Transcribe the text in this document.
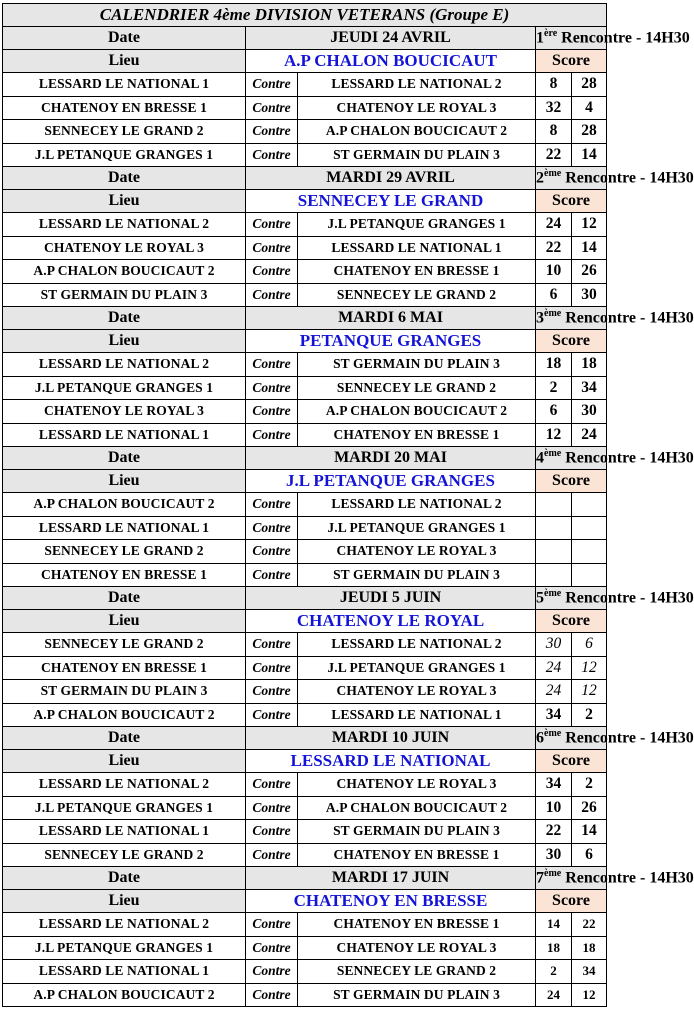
CALENDRIER 4ème DIVISION VETERANS (Groupe E)				
Date	JEUDI 24 AVRIL		1ère Rencontre - 14H30	
Lieu	A.P CHALON BOUCICAUT		Score	
LESSARD LE NATIONAL 1	Contre	LESSARD LE NATIONAL 2	8	28
CHATENOY EN BRESSE 1	Contre	CHATENOY LE ROYAL 3	32	4
SENNECEY LE GRAND 2	Contre	A.P CHALON BOUCICAUT 2	8	28
J.L PETANQUE GRANGES 1	Contre	ST GERMAIN DU PLAIN 3	22	14
Date	MARDI 29 AVRIL		2ème Rencontre - 14H30	
Lieu	SENNECEY LE GRAND		Score	
LESSARD LE NATIONAL 2	Contre	J.L PETANQUE GRANGES 1	24	12
CHATENOY LE ROYAL 3	Contre	LESSARD LE NATIONAL 1	22	14
A.P CHALON BOUCICAUT 2	Contre	CHATENOY EN BRESSE 1	10	26
ST GERMAIN DU PLAIN 3	Contre	SENNECEY LE GRAND 2	6	30
Date	MARDI 6 MAI		3ème Rencontre - 14H30	
Lieu	PETANQUE GRANGES		Score	
LESSARD LE NATIONAL 2	Contre	ST GERMAIN DU PLAIN 3	18	18
J.L PETANQUE GRANGES 1	Contre	SENNECEY LE GRAND 2	2	34
CHATENOY LE ROYAL 3	Contre	A.P CHALON BOUCICAUT 2	6	30
LESSARD LE NATIONAL 1	Contre	CHATENOY EN BRESSE 1	12	24
Date	MARDI 20 MAI		4ème Rencontre - 14H30	
Lieu	J.L PETANQUE GRANGES		Score	
A.P CHALON BOUCICAUT 2	Contre	LESSARD LE NATIONAL 2		
LESSARD LE NATIONAL 1	Contre	J.L PETANQUE GRANGES 1		
SENNECEY LE GRAND 2	Contre	CHATENOY LE ROYAL 3		
CHATENOY EN BRESSE 1	Contre	ST GERMAIN DU PLAIN 3		
Date	JEUDI 5 JUIN		5ème Rencontre - 14H30	
Lieu	CHATENOY LE ROYAL		Score	
SENNECEY LE GRAND 2	Contre	LESSARD LE NATIONAL 2	30	6
CHATENOY EN BRESSE 1	Contre	J.L PETANQUE GRANGES 1	24	12
ST GERMAIN DU PLAIN 3	Contre	CHATENOY LE ROYAL 3	24	12
A.P CHALON BOUCICAUT 2	Contre	LESSARD LE NATIONAL 1	34	2
Date	MARDI 10 JUIN		6ème Rencontre - 14H30	
Lieu	LESSARD LE NATIONAL		Score	
LESSARD LE NATIONAL 2	Contre	CHATENOY LE ROYAL 3	34	2
J.L PETANQUE GRANGES 1	Contre	A.P CHALON BOUCICAUT 2	10	26
LESSARD LE NATIONAL 1	Contre	ST GERMAIN DU PLAIN 3	22	14
SENNECEY LE GRAND 2	Contre	CHATENOY EN BRESSE 1	30	6
Date	MARDI 17 JUIN		7ème Rencontre - 14H30	
Lieu	CHATENOY EN BRESSE		Score	
LESSARD LE NATIONAL 2	Contre	CHATENOY EN BRESSE 1	14	22
J.L PETANQUE GRANGES 1	Contre	CHATENOY LE ROYAL 3	18	18
LESSARD LE NATIONAL 1	Contre	SENNECEY LE GRAND 2	2	34
A.P CHALON BOUCICAUT 2	Contre	ST GERMAIN DU PLAIN 3	24	12
